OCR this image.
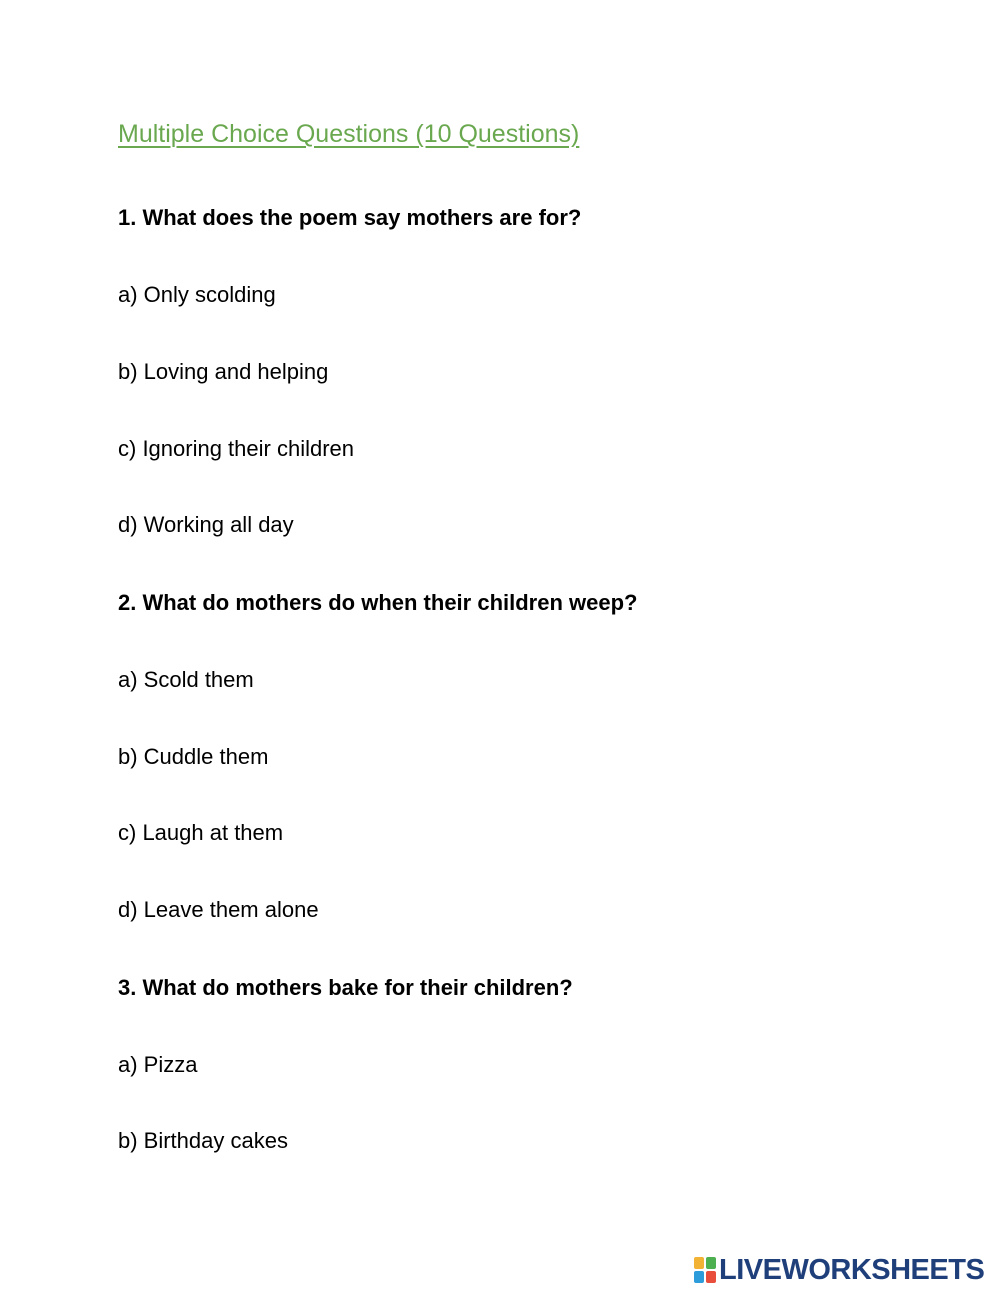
Multiple Choice Questions (10 Questions)
1. What does the poem say mothers are for?
a) Only scolding
b) Loving and helping
c) Ignoring their children
d) Working all day
2. What do mothers do when their children weep?
a) Scold them
b) Cuddle them
c) Laugh at them
d) Leave them alone
3. What do mothers bake for their children?
a) Pizza
b) Birthday cakes
LIVEWORKSHEETS
